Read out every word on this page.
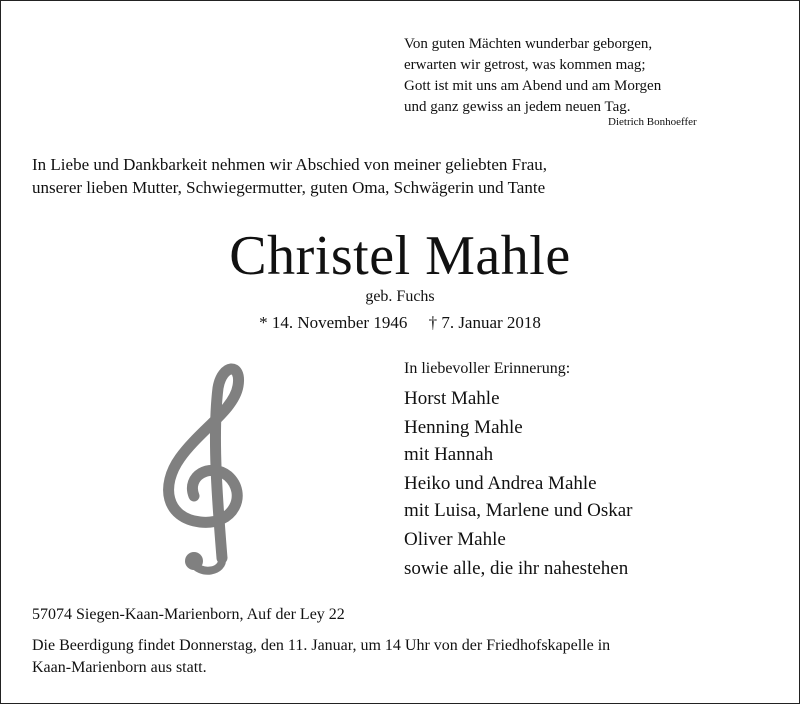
Von guten Mächten wunderbar geborgen,
erwarten wir getrost, was kommen mag;
Gott ist mit uns am Abend und am Morgen
und ganz gewiss an jedem neuen Tag.
Dietrich Bonhoeffer
In Liebe und Dankbarkeit nehmen wir Abschied von meiner geliebten Frau,
unserer lieben Mutter, Schwiegermutter, guten Oma, Schwägerin und Tante
Christel Mahle
geb. Fuchs
* 14. November 1946     † 7. Januar 2018
In liebevoller Erinnerung:
Horst Mahle
Henning Mahle
mit Hannah
Heiko und Andrea Mahle
mit Luisa, Marlene und Oskar
Oliver Mahle
sowie alle, die ihr nahestehen
57074 Siegen-Kaan-Marienborn, Auf der Ley 22
Die Beerdigung findet Donnerstag, den 11. Januar, um 14 Uhr von der Friedhofskapelle in
Kaan-Marienborn aus statt.
